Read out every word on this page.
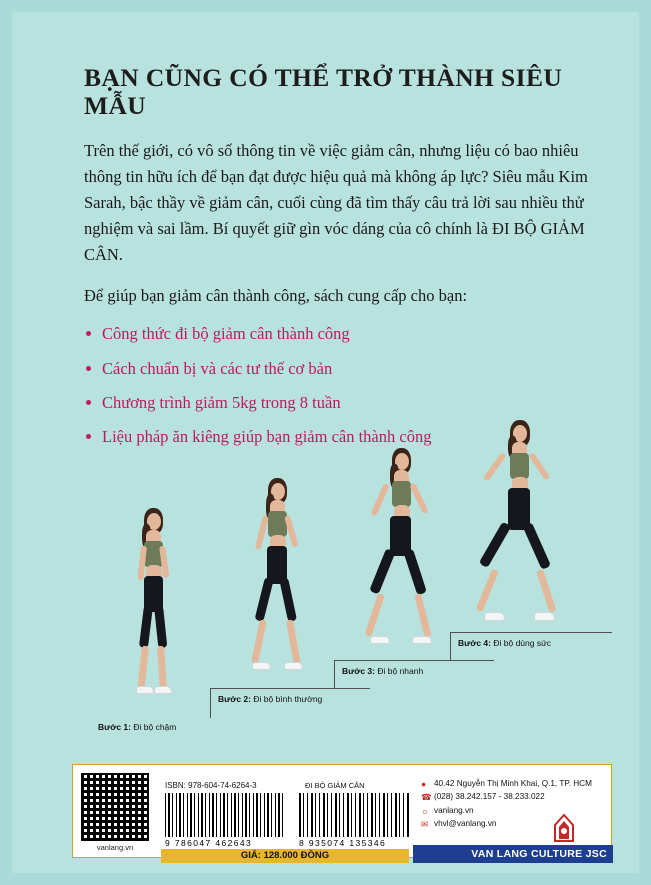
BẠN CŨNG CÓ THỂ TRỞ THÀNH SIÊU MẪU

Trên thế giới, có vô số thông tin về việc giảm cân, nhưng liệu có bao nhiêu thông tin hữu ích để bạn đạt được hiệu quả mà không áp lực? Siêu mẫu Kim Sarah, bậc thầy về giảm cân, cuối cùng đã tìm thấy câu trả lời sau nhiều thử nghiệm và sai lầm. Bí quyết giữ gìn vóc dáng của cô chính là ĐI BỘ GIẢM CÂN.

Để giúp bạn giảm cân thành công, sách cung cấp cho bạn:

Công thức đi bộ giảm cân thành công
Cách chuẩn bị và các tư thế cơ bản
Chương trình giảm 5kg trong 8 tuần
Liệu pháp ăn kiêng giúp bạn giảm cân thành công
Bước 1: Đi bộ chậm
Bước 2: Đi bộ bình thường
Bước 3: Đi bộ nhanh
Bước 4: Đi bộ dùng sức
vanlang.vn
ISBN: 978-604-74-6264-3	ĐI BỘ GIẢM CÂN
9 786047 462643	8 935074 135346
GIÁ: 128.000 ĐỒNG
● 40.42 Nguyễn Thị Minh Khai, Q.1, TP. HCM
☎ (028) 38.242.157 - 38.233.022
☼ vanlang.vn
✉ vhvl@vanlang.vn
VAN LANG CULTURE JSC
